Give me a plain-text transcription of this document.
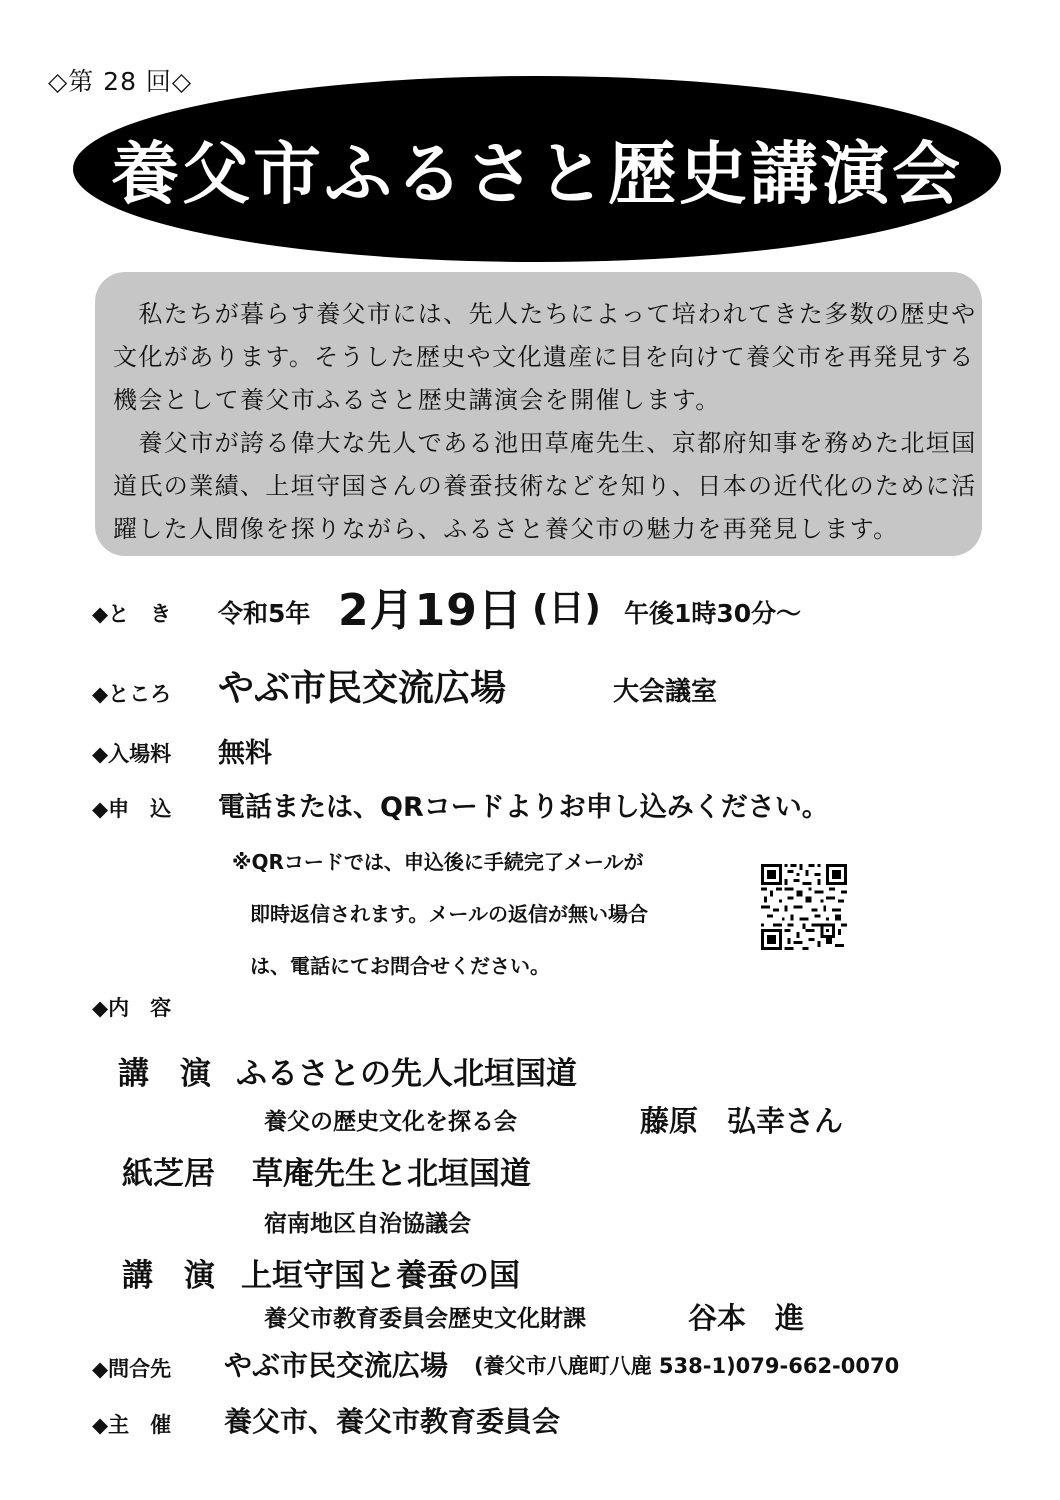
◇第 28 回◇
養父市ふるさと歴史講演会
　私たちが暮らす養父市には、先人たちによって培われてきた多数の歴史や
文化があります。そうした歴史や文化遺産に目を向けて養父市を再発見する
機会として養父市ふるさと歴史講演会を開催します。
　養父市が誇る偉大な先人である池田草庵先生、京都府知事を務めた北垣国
道氏の業績、上垣守国さんの養蚕技術などを知り、日本の近代化のために活
躍した人間像を探りながら、ふるさと養父市の魅力を再発見します。
◆と　き 令和5年 2月19日 (日) 午後1時30分～
◆ところ やぶ市民交流広場	大会議室
◆入場料 無料
◆申　込 電話または、QRコードよりお申し込みください。
※QRコードでは、申込後に手続完了メールが
即時返信されます。メールの返信が無い場合
は、電話にてお問合せください。
◆内　容
講　演 ふるさとの先人北垣国道
養父の歴史文化を探る会	藤原　弘幸さん
紙芝居 草庵先生と北垣国道
宿南地区自治協議会
講　演 上垣守国と養蚕の国
養父市教育委員会歴史文化財課	谷本　進
◆問合先 やぶ市民交流広場 (養父市八鹿町八鹿 538-1)079-662-0070
◆主　催 養父市、養父市教育委員会
